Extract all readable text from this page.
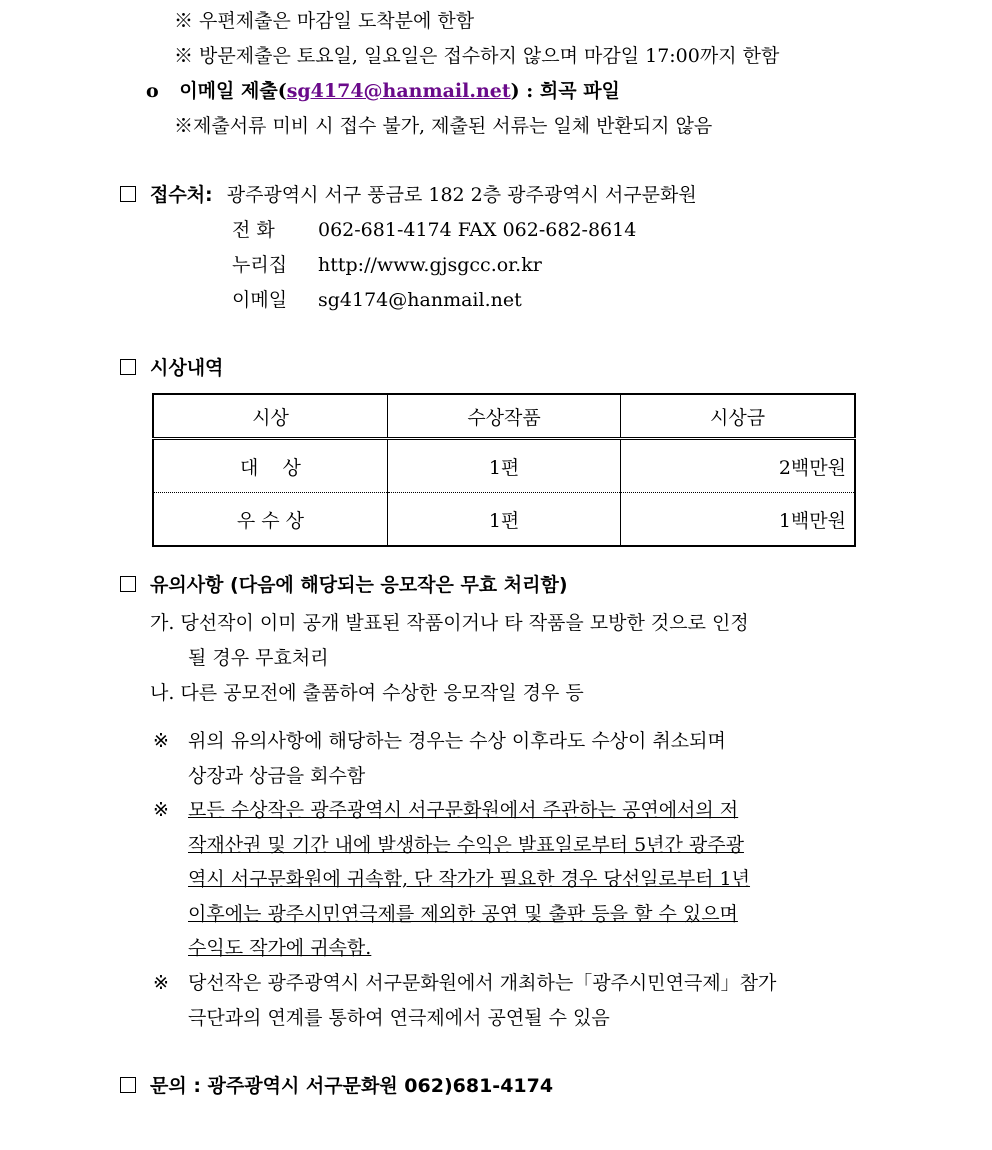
※ 우편제출은 마감일 도착분에 한함
※ 방문제출은 토요일, 일요일은 접수하지 않으며 마감일 17:00까지 한함
o 이메일 제출(sg4174@hanmail.net) : 희곡 파일
※제출서류 미비 시 접수 불가, 제출된 서류는 일체 반환되지 않음
접수처: 광주광역시 서구 풍금로 182 2층 광주광역시 서구문화원
전 화 062-681-4174 FAX 062-682-8614
누리집 http://www.gjsgcc.or.kr
이메일 sg4174@hanmail.net
시상내역
시상	수상작품	시상금
대    상	1편	2백만원
우 수 상	1편	1백만원
유의사항 (다음에 해당되는 응모작은 무효 처리함)
가. 당선작이 이미 공개 발표된 작품이거나 타 작품을 모방한 것으로 인정
될 경우 무효처리
나. 다른 공모전에 출품하여 수상한 응모작일 경우 등
※ 위의 유의사항에 해당하는 경우는 수상 이후라도 수상이 취소되며
상장과 상금을 회수함
※ 모든 수상작은 광주광역시 서구문화원에서 주관하는 공연에서의 저
작재산권 및 기간 내에 발생하는 수익은 발표일로부터 5년간 광주광
역시 서구문화원에 귀속함, 단 작가가 필요한 경우 당선일로부터 1년
이후에는 광주시민연극제를 제외한 공연 및 출판 등을 할 수 있으며
수익도 작가에 귀속함.
※ 당선작은 광주광역시 서구문화원에서 개최하는「광주시민연극제」참가
극단과의 연계를 통하여 연극제에서 공연될 수 있음
문의 : 광주광역시 서구문화원 062)681-4174
